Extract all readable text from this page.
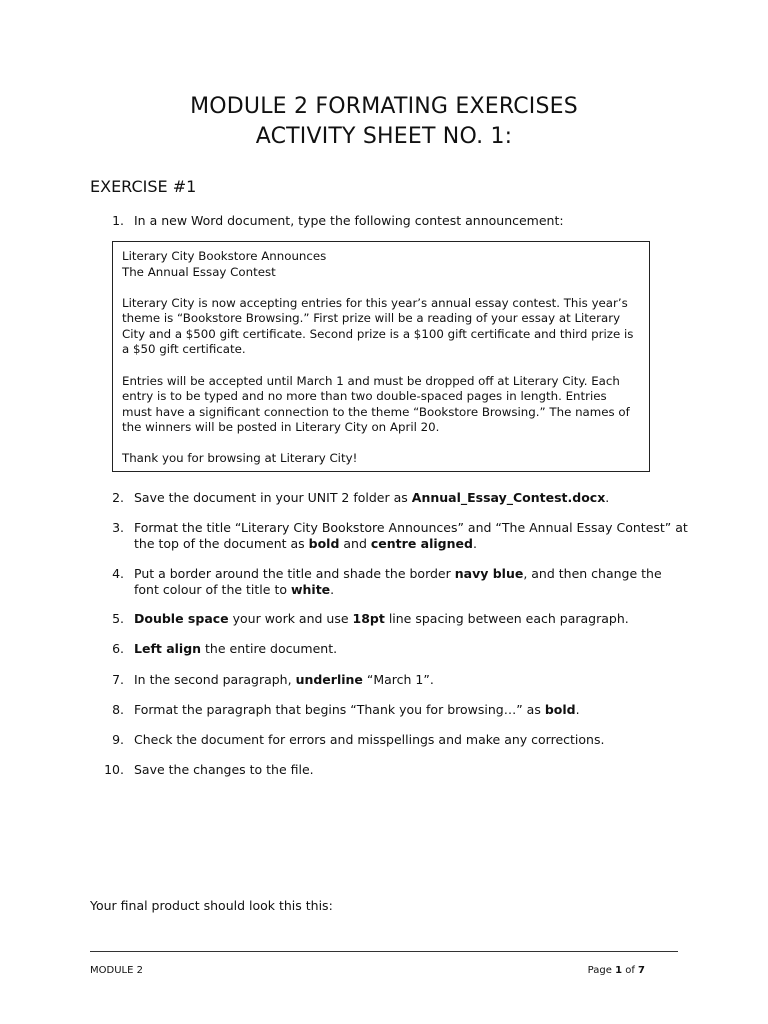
MODULE 2 FORMATING EXERCISES
ACTIVITY SHEET NO. 1:
EXERCISE #1
1. In a new Word document, type the following contest announcement:

Literary City Bookstore Announces
The Annual Essay Contest

Literary City is now accepting entries for this year’s annual essay contest. This year’s theme is “Bookstore Browsing.” First prize will be a reading of your essay at Literary City and a $500 gift certificate. Second prize is a $100 gift certificate and third prize is a $50 gift certificate.

Entries will be accepted until March 1 and must be dropped off at Literary City. Each entry is to be typed and no more than two double-spaced pages in length. Entries must have a significant connection to the theme “Bookstore Browsing.” The names of the winners will be posted in Literary City on April 20.

Thank you for browsing at Literary City!

2. Save the document in your UNIT 2 folder as Annual_Essay_Contest.docx.
3. Format the title “Literary City Bookstore Announces” and “The Annual Essay Contest” at the top of the document as bold and centre aligned.
4. Put a border around the title and shade the border navy blue, and then change the font colour of the title to white.
5. Double space your work and use 18pt line spacing between each paragraph.
6. Left align the entire document.
7. In the second paragraph, underline “March 1”.
8. Format the paragraph that begins “Thank you for browsing…” as bold.
9. Check the document for errors and misspellings and make any corrections.
10. Save the changes to the file.
Your final product should look this this:
MODULE 2	Page 1 of 7
